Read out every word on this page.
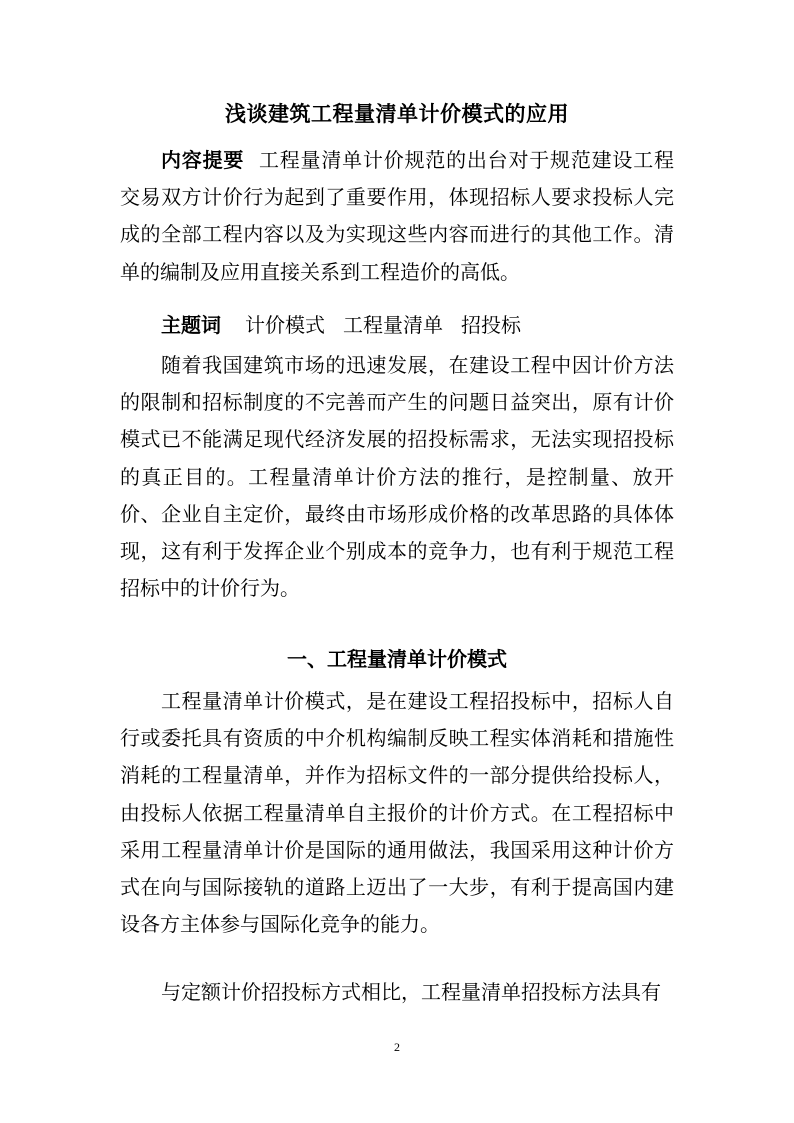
浅谈建筑工程量清单计价模式的应用
内容提要 工程量清单计价规范的出台对于规范建设工程交易双方计价行为起到了重要作用，体现招标人要求投标人完成的全部工程内容以及为实现这些内容而进行的其他工作。清单的编制及应用直接关系到工程造价的高低。
主题词 计价模式 工程量清单 招投标
随着我国建筑市场的迅速发展，在建设工程中因计价方法的限制和招标制度的不完善而产生的问题日益突出，原有计价模式已不能满足现代经济发展的招投标需求，无法实现招投标的真正目的。工程量清单计价方法的推行，是控制量、放开价、企业自主定价，最终由市场形成价格的改革思路的具体体现，这有利于发挥企业个别成本的竞争力，也有利于规范工程招标中的计价行为。
一、工程量清单计价模式
工程量清单计价模式，是在建设工程招投标中，招标人自行或委托具有资质的中介机构编制反映工程实体消耗和措施性消耗的工程量清单，并作为招标文件的一部分提供给投标人，由投标人依据工程量清单自主报价的计价方式。在工程招标中采用工程量清单计价是国际的通用做法，我国采用这种计价方式在向与国际接轨的道路上迈出了一大步，有利于提高国内建设各方主体参与国际化竞争的能力。
与定额计价招投标方式相比，工程量清单招投标方法具有
2
